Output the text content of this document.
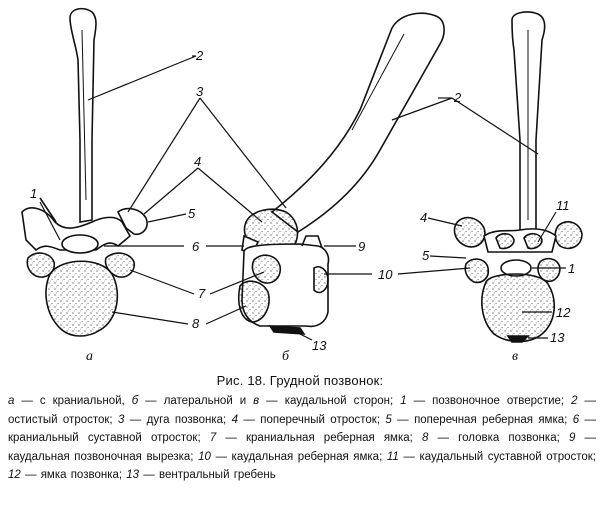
1
1
2
2
3
4
4
5
5
6
7
8
9
10
11
12
13
13
а	б	в
Рис. 18. Грудной позвонок:
а — с краниальной, б — латеральной и в — каудальной сторон; 1 — позвоночное отверстие; 2 — остистый отросток; 3 — дуга позвонка; 4 — поперечный отросток; 5 — поперечная реберная ямка; 6 — краниальный суставной отросток; 7 — краниальная реберная ямка; 8 — головка позвонка; 9 — каудальная позвоночная вырезка; 10 — каудальная реберная ямка; 11 — каудальный суставной отросток; 12 — ямка позвонка; 13 — вентральный гребень
